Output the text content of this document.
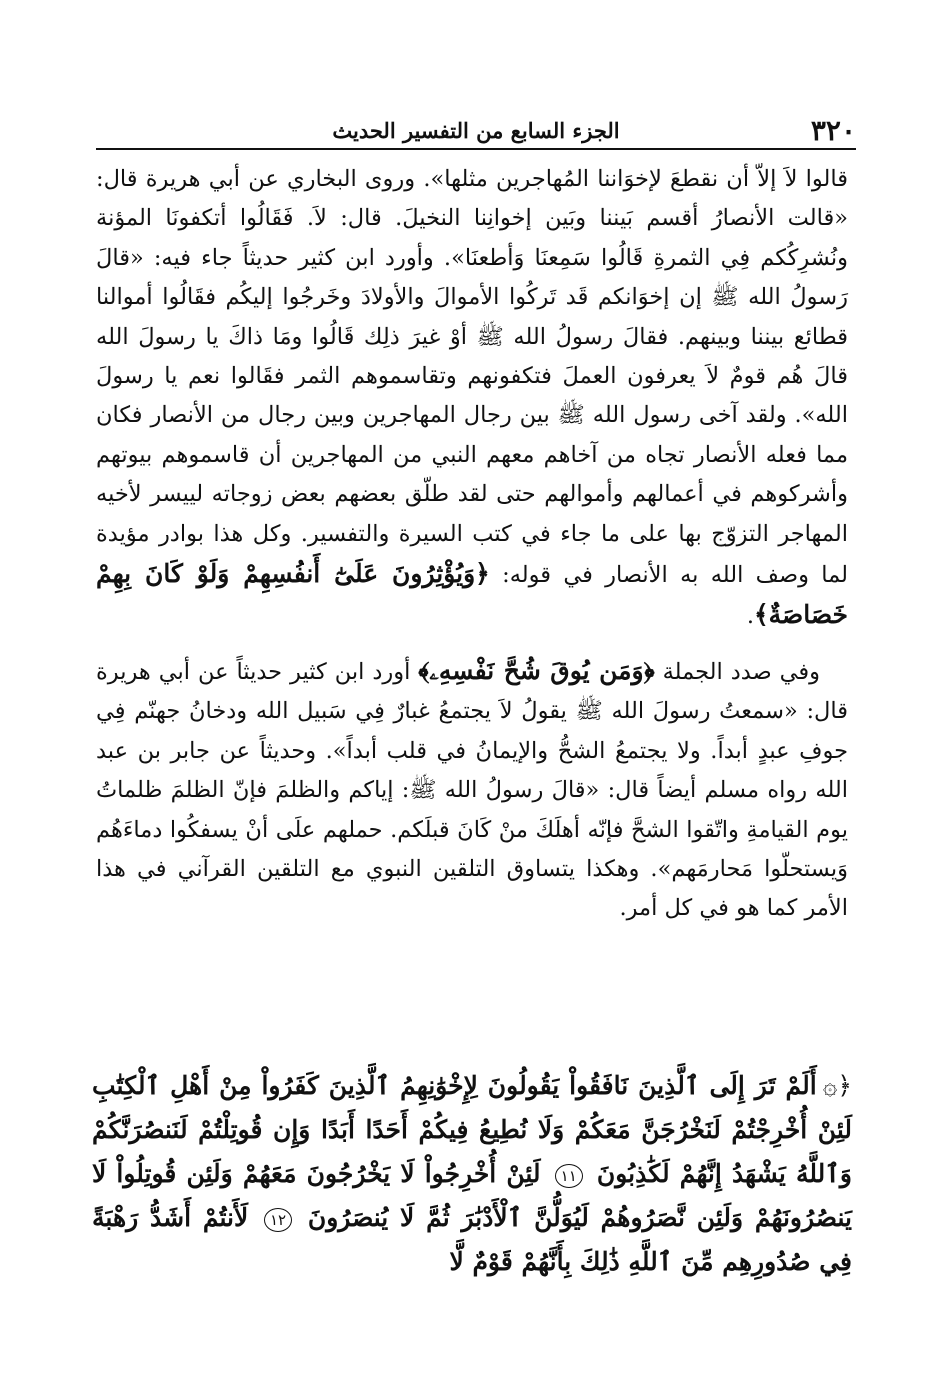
٣٢٠
الجزء السابع من التفسير الحديث

قالوا لاَ إلاّ أن نقطعَ لإخوَاننا المُهاجرين مثلها». وروى البخاري عن أبي هريرة قال: «قالت الأنصارُ أقسم بَيننا وبَين إخوانِنا النخيلَ. قال: لاَ. فَقَالُوا أتكفونَا المؤنة ونُشرِكُكم فِي الثمرةِ قَالُوا سَمِعنَا وَأطعنَا». وأورد ابن كثير حديثاً جاء فيه: «قالَ رَسولُ الله ﷺ إن إخوَانكم قَد تَركُوا الأموالَ والأولادَ وخَرجُوا إليكُم فقَالُوا أموالنا قطائع بيننا وبينهم. فقالَ رسولُ الله ﷺ أوْ غيرَ ذلِك قَالُوا ومَا ذاكَ يا رسولَ الله قالَ هُم قومٌ لاَ يعرفون العملَ فتكفونهم وتقاسموهم الثمر فقَالوا نعم يا رسولَ الله». ولقد آخى رسول الله ﷺ بين رجال المهاجرين وبين رجال من الأنصار فكان مما فعله الأنصار تجاه من آخاهم معهم النبي من المهاجرين أن قاسموهم بيوتهم وأشركوهم في أعمالهم وأموالهم حتى لقد طلّق بعضهم بعض زوجاته لييسر لأخيه المهاجر التزوّج بها على ما جاء في كتب السيرة والتفسير. وكل هذا بوادر مؤيدة لما وصف الله به الأنصار في قوله: ﴿وَيُؤْثِرُونَ عَلَىٰٓ أَنفُسِهِمْ وَلَوْ كَانَ بِهِمْ خَصَاصَةٌ﴾.

وفي صدد الجملة ﴿وَمَن يُوقَ شُحَّ نَفْسِهِۦ﴾ أورد ابن كثير حديثاً عن أبي هريرة قال: «سمعتُ رسولَ الله ﷺ يقولُ لاَ يجتمعُ غبارٌ فِي سَبيل الله ودخانُ جهنّم فِي جوفِ عبدٍ أبداً. ولا يجتمعُ الشحُّ والإيمانُ في قلب أبداً». وحديثاً عن جابر بن عبد الله رواه مسلم أيضاً قال: «قالَ رسولُ الله ﷺ: إياكم والظلمَ فإنّ الظلمَ ظلماتُ يوم القيامةِ واتّقوا الشحَّ فإنّه أهلَكَ منْ كَانَ قبلَكم. حملهم علَى أنْ يسفكُوا دماءَهُم وَيستحلّوا مَحارمَهم». وهكذا يتساوق التلقين النبوي مع التلقين القرآني في هذا الأمر كما هو في كل أمر.

﴿۞أَلَمْ تَرَ إِلَى ٱلَّذِينَ نَافَقُواْ يَقُولُونَ لِإِخْوَٰنِهِمُ ٱلَّذِينَ كَفَرُواْ مِنْ أَهْلِ ٱلْكِتَٰبِ لَئِنْ أُخْرِجْتُمْ لَنَخْرُجَنَّ مَعَكُمْ وَلَا نُطِيعُ فِيكُمْ أَحَدًا أَبَدًا وَإِن قُوتِلْتُمْ لَنَنصُرَنَّكُمْ وَٱللَّهُ يَشْهَدُ إِنَّهُمْ لَكَٰذِبُونَ ١١ لَئِنْ أُخْرِجُواْ لَا يَخْرُجُونَ مَعَهُمْ وَلَئِن قُوتِلُواْ لَا يَنصُرُونَهُمْ وَلَئِن نَّصَرُوهُمْ لَيُوَلُّنَّ ٱلْأَدْبَٰرَ ثُمَّ لَا يُنصَرُونَ ١٢ لَأَنتُمْ أَشَدُّ رَهْبَةً فِي صُدُورِهِم مِّنَ ٱللَّهِ ذَٰلِكَ بِأَنَّهُمْ قَوْمٌ لَّا
